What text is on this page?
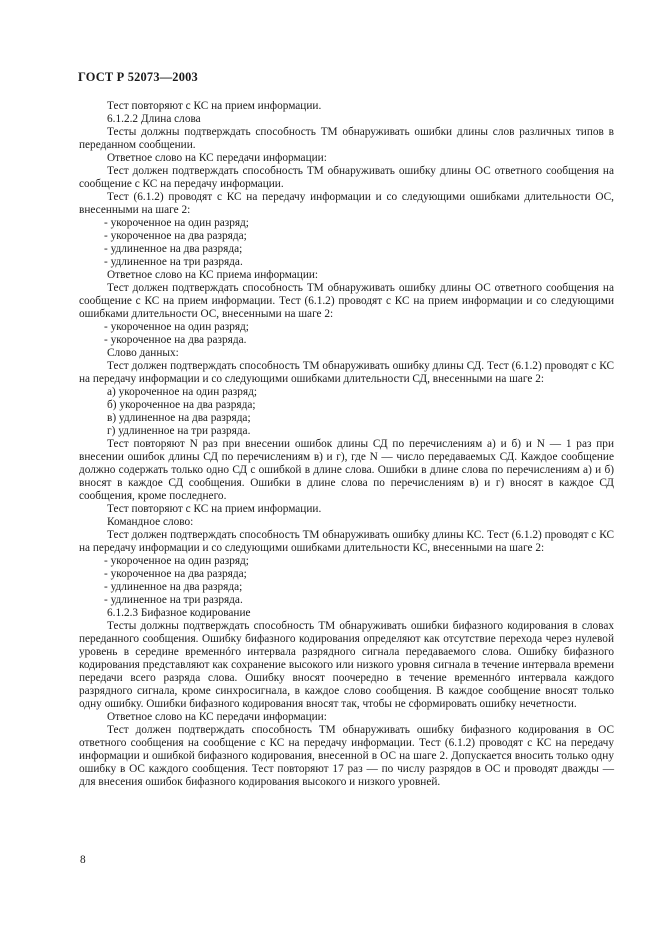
ГОСТ Р 52073—2003

Тест повторяют с КС на прием информации.

6.1.2.2 Длина слова

Тесты должны подтверждать способность ТМ обнаруживать ошибки длины слов различных типов в переданном сообщении.

Ответное слово на КС передачи информации:

Тест должен подтверждать способность ТМ обнаруживать ошибку длины ОС ответного сообщения на сообщение с КС на передачу информации.

Тест (6.1.2) проводят с КС на передачу информации и со следующими ошибками длительности ОС, внесенными на шаге 2:

- укороченное на один разряд;

- укороченное на два разряда;

- удлиненное на два разряда;

- удлиненное на три разряда.

Ответное слово на КС приема информации:

Тест должен подтверждать способность ТМ обнаруживать ошибку длины ОС ответного сообщения на сообщение с КС на прием информации. Тест (6.1.2) проводят с КС на прием информации и со следующими ошибками длительности ОС, внесенными на шаге 2:

- укороченное на один разряд;

- укороченное на два разряда.

Слово данных:

Тест должен подтверждать способность ТМ обнаруживать ошибку длины СД. Тест (6.1.2) проводят с КС на передачу информации и со следующими ошибками длительности СД, внесенными на шаге 2:

а) укороченное на один разряд;

б) укороченное на два разряда;

в) удлиненное на два разряда;

г) удлиненное на три разряда.

Тест повторяют N раз при внесении ошибок длины СД по перечислениям а) и б) и N — 1 раз при внесении ошибок длины СД по перечислениям в) и г), где N — число передаваемых СД. Каждое сообщение должно содержать только одно СД с ошибкой в длине слова. Ошибки в длине слова по перечислениям а) и б) вносят в каждое СД сообщения. Ошибки в длине слова по перечислениям в) и г) вносят в каждое СД сообщения, кроме последнего.

Тест повторяют с КС на прием информации.

Командное слово:

Тест должен подтверждать способность ТМ обнаруживать ошибку длины КС. Тест (6.1.2) проводят с КС на передачу информации и со следующими ошибками длительности КС, внесенными на шаге 2:

- укороченное на один разряд;

- укороченное на два разряда;

- удлиненное на два разряда;

- удлиненное на три разряда.

6.1.2.3 Бифазное кодирование

Тесты должны подтверждать способность ТМ обнаруживать ошибки бифазного кодирования в словах переданного сообщения. Ошибку бифазного кодирования определяют как отсутствие перехода через нулевой уровень в середине временнóго интервала разрядного сигнала передаваемого слова. Ошибку бифазного кодирования представляют как сохранение высокого или низкого уровня сигнала в течение интервала времени передачи всего разряда слова. Ошибку вносят поочередно в течение временнóго интервала каждого разрядного сигнала, кроме синхросигнала, в каждое слово сообщения. В каждое сообщение вносят только одну ошибку. Ошибки бифазного кодирования вносят так, чтобы не сформировать ошибку нечетности.

Ответное слово на КС передачи информации:

Тест должен подтверждать способность ТМ обнаруживать ошибку бифазного кодирования в ОС ответного сообщения на сообщение с КС на передачу информации. Тест (6.1.2) проводят с КС на передачу информации и ошибкой бифазного кодирования, внесенной в ОС на шаге 2. Допускается вносить только одну ошибку в ОС каждого сообщения. Тест повторяют 17 раз — по числу разрядов в ОС и проводят дважды — для внесения ошибок бифазного кодирования высокого и низкого уровней.

8
